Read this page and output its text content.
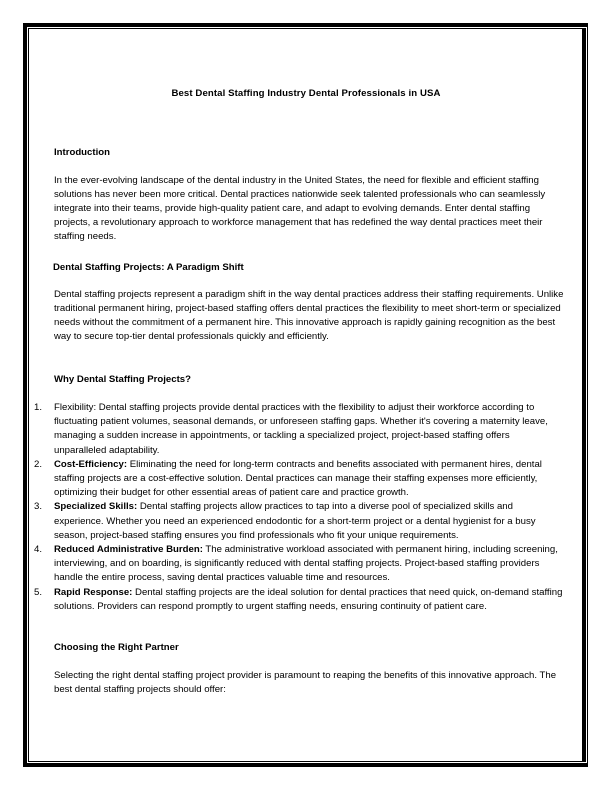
Best Dental Staffing Industry Dental Professionals in USA
Introduction
In the ever-evolving landscape of the dental industry in the United States, the need for flexible and efficient staffing solutions has never been more critical. Dental practices nationwide seek talented professionals who can seamlessly integrate into their teams, provide high-quality patient care, and adapt to evolving demands. Enter dental staffing projects, a revolutionary approach to workforce management that has redefined the way dental practices meet their staffing needs.
Dental Staffing Projects: A Paradigm Shift
Dental staffing projects represent a paradigm shift in the way dental practices address their staffing requirements. Unlike traditional permanent hiring, project-based staffing offers dental practices the flexibility to meet short-term or specialized needs without the commitment of a permanent hire. This innovative approach is rapidly gaining recognition as the best way to secure top-tier dental professionals quickly and efficiently.
Why Dental Staffing Projects?
1. Flexibility: Dental staffing projects provide dental practices with the flexibility to adjust their workforce according to fluctuating patient volumes, seasonal demands, or unforeseen staffing gaps. Whether it's covering a maternity leave, managing a sudden increase in appointments, or tackling a specialized project, project-based staffing offers unparalleled adaptability.
2. Cost-Efficiency: Eliminating the need for long-term contracts and benefits associated with permanent hires, dental staffing projects are a cost-effective solution. Dental practices can manage their staffing expenses more efficiently, optimizing their budget for other essential areas of patient care and practice growth.
3. Specialized Skills: Dental staffing projects allow practices to tap into a diverse pool of specialized skills and experience. Whether you need an experienced endodontic for a short-term project or a dental hygienist for a busy season, project-based staffing ensures you find professionals who fit your unique requirements.
4. Reduced Administrative Burden: The administrative workload associated with permanent hiring, including screening, interviewing, and on boarding, is significantly reduced with dental staffing projects. Project-based staffing providers handle the entire process, saving dental practices valuable time and resources.
5. Rapid Response: Dental staffing projects are the ideal solution for dental practices that need quick, on-demand staffing solutions. Providers can respond promptly to urgent staffing needs, ensuring continuity of patient care.
Choosing the Right Partner
Selecting the right dental staffing project provider is paramount to reaping the benefits of this innovative approach. The best dental staffing projects should offer:
